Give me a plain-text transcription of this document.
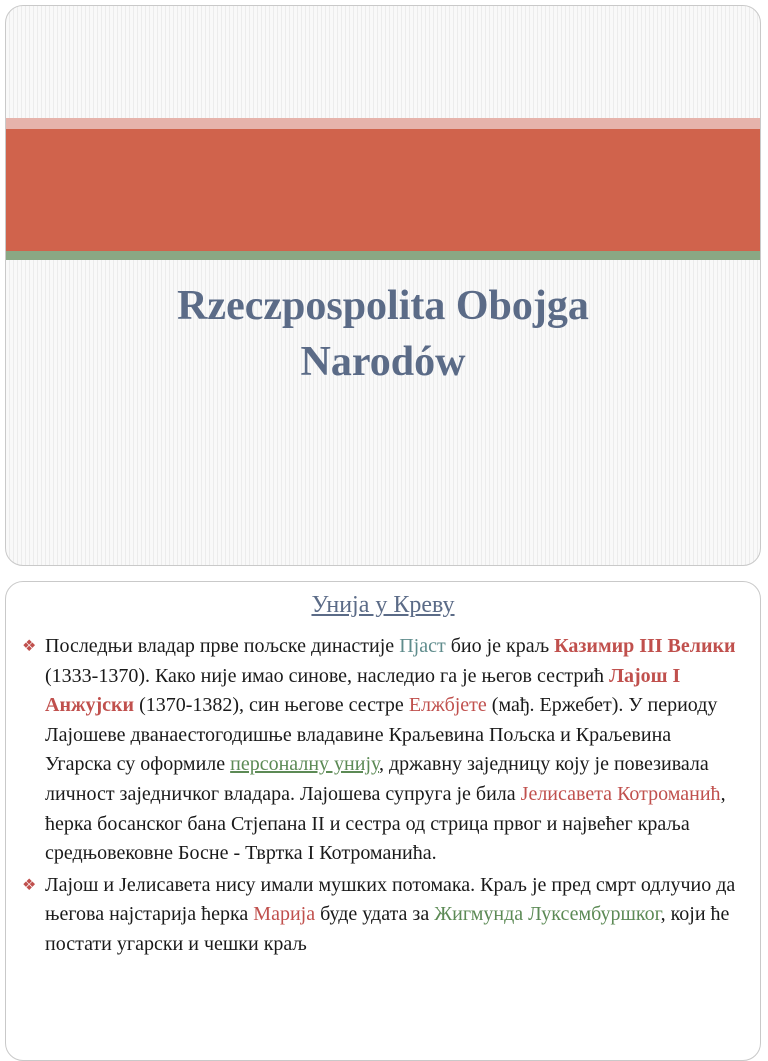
Rzeczpospolita Obojga
Narodów
Унија у Креву
❖ Последњи владар прве пољске династије Пјаст био је краљ Казимир III Велики (1333-1370). Како није имао синове, наследио га је његов сестрић Лајош I Анжујски (1370-1382), син његове сестре Елжбјете (мађ. Ержебет). У периоду Лајошеве дванаестогодишње владавине Краљевина Пољска и Краљевина Угарска су оформиле персоналну унију, државну заједницу коју је повезивала личност заједничког владара. Лајошева супруга је била Јелисавета Котроманић, ћерка босанског бана Стјепана II и сестра од стрица првог и највећег краља средњовековне Босне - Твртка I Котроманића.
❖ Лајош и Јелисавета нису имали мушких потомака. Краљ је пред смрт одлучио да његова најстарија ћерка Марија буде удата за Жигмунда Луксембуршког, који ће постати угарски и чешки краљ
